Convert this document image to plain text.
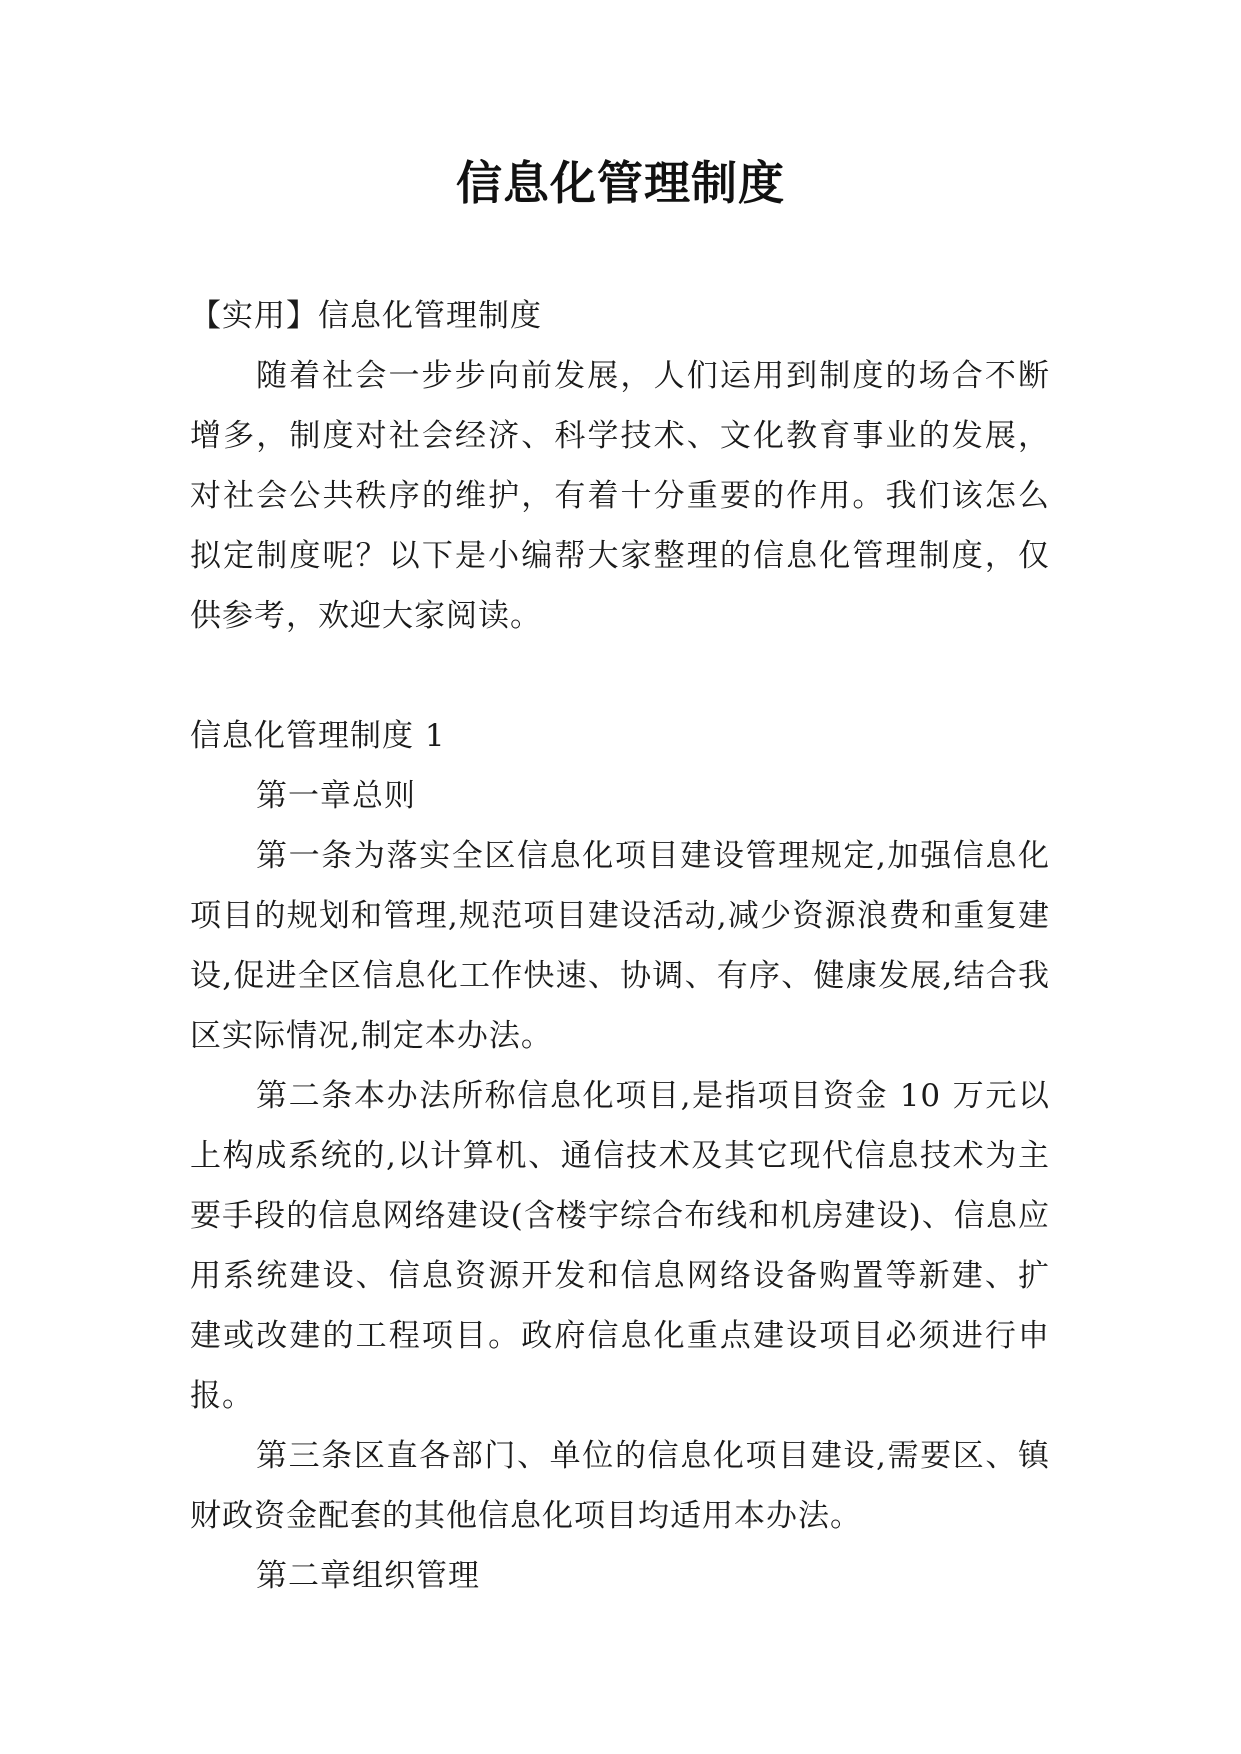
信息化管理制度

【实用】信息化管理制度

随着社会一步步向前发展，人们运用到制度的场合不断增多，制度对社会经济、科学技术、文化教育事业的发展，对社会公共秩序的维护，有着十分重要的作用。我们该怎么拟定制度呢？以下是小编帮大家整理的信息化管理制度，仅供参考，欢迎大家阅读。

信息化管理制度 1

第一章总则

第一条为落实全区信息化项目建设管理规定,加强信息化项目的规划和管理,规范项目建设活动,减少资源浪费和重复建设,促进全区信息化工作快速、协调、有序、健康发展,结合我区实际情况,制定本办法。

第二条本办法所称信息化项目,是指项目资金 10 万元以上构成系统的,以计算机、通信技术及其它现代信息技术为主要手段的信息网络建设(含楼宇综合布线和机房建设)、信息应用系统建设、信息资源开发和信息网络设备购置等新建、扩建或改建的工程项目。政府信息化重点建设项目必须进行申报。

第三条区直各部门、单位的信息化项目建设,需要区、镇财政资金配套的其他信息化项目均适用本办法。

第二章组织管理
